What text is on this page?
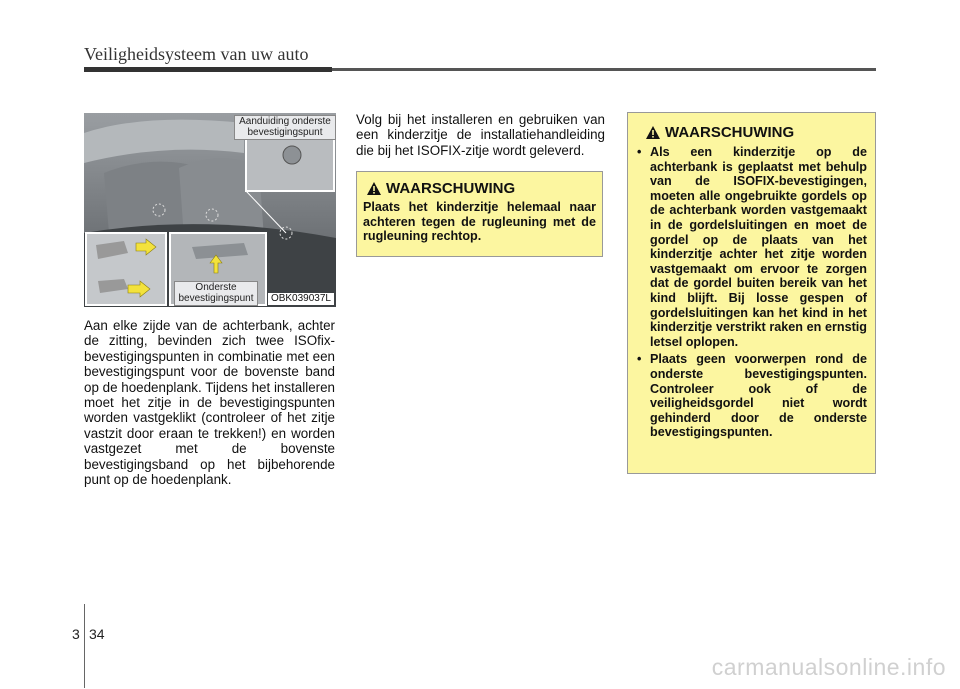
Veiligheidsysteem van uw auto
Aanduiding onderste bevestigingspunt
Onderste bevestigingspunt	OBK039037L
Aan elke zijde van de achterbank, achter de zitting, bevinden zich twee ISOfix-bevestigingspunten in combinatie met een bevestigingspunt voor de bovenste band op de hoedenplank. Tijdens het installeren moet het zitje in de bevestigingspunten worden vastgeklikt (controleer of het zitje vastzit door eraan te trekken!) en worden vastgezet met de bovenste bevestigingsband op het bijbehorende punt op de hoedenplank.
Volg bij het installeren en gebruiken van een kinderzitje de installatiehandleiding die bij het ISOFIX-zitje wordt geleverd.
WAARSCHUWING
Plaats het kinderzitje helemaal naar achteren tegen de rugleuning met de rugleuning rechtop.
WAARSCHUWING
• Als een kinderzitje op de achterbank is geplaatst met behulp van de ISOFIX-bevestigingen, moeten alle ongebruikte gordels op de achterbank worden vastgemaakt in de gordelsluitingen en moet de gordel op de plaats van het kinderzitje achter het zitje worden vastgemaakt om ervoor te zorgen dat de gordel buiten bereik van het kind blijft. Bij losse gespen of gordelsluitingen kan het kind in het kinderzitje verstrikt raken en ernstig letsel oplopen.
• Plaats geen voorwerpen rond de onderste bevestigingspunten. Controleer ook of de veiligheidsgordel niet wordt gehinderd door de onderste bevestigingspunten.
3 34
carmanualsonline.info
